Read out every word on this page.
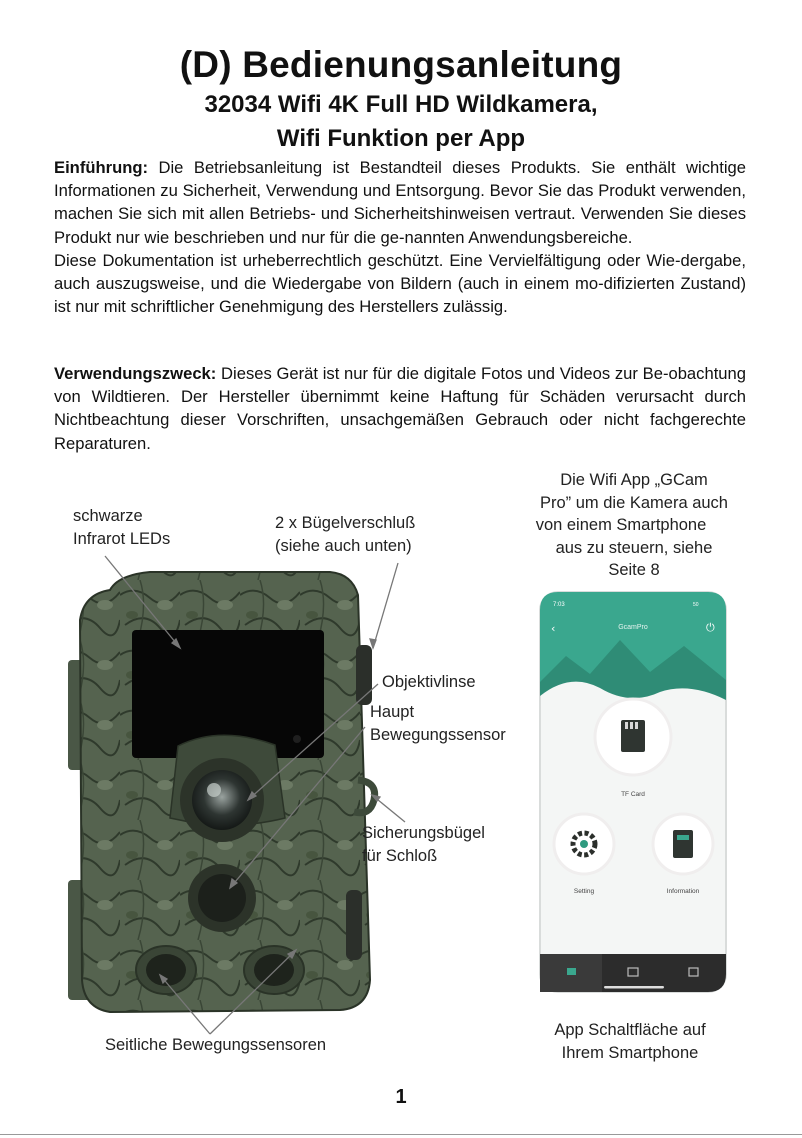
(D) Bedienungsanleitung
32034 Wifi 4K Full HD Wildkamera,
Wifi Funktion per App

Einführung: Die Betriebsanleitung ist Bestandteil dieses Produkts. Sie enthält wichtige Informationen zu Sicherheit, Verwendung und Entsorgung. Bevor Sie das Produkt verwenden, machen Sie sich mit allen Betriebs- und Sicherheitshinweisen vertraut. Verwenden Sie dieses Produkt nur wie beschrieben und nur für die ge-nannten Anwendungsbereiche.

Diese Dokumentation ist urheberrechtlich geschützt. Eine Vervielfältigung oder Wie-dergabe, auch auszugsweise, und die Wiedergabe von Bildern (auch in einem mo-difizierten Zustand) ist nur mit schriftlicher Genehmigung des Herstellers zulässig.

Verwendungszweck: Dieses Gerät ist nur für die digitale Fotos und Videos zur Be-obachtung von Wildtieren. Der Hersteller übernimmt keine Haftung für Schäden verursacht durch Nichtbeachtung dieser Vorschriften, unsachgemäßen Gebrauch oder nicht fachgerechte Reparaturen.

7:03	50
‹	GcamPro	⏻
TF Card
Setting	Information
schwarze
Infrarot LEDs
2 x Bügelverschluß
(siehe auch unten)
Die Wifi App „GCam
Pro” um die Kamera auch
von einem Smartphone
aus zu steuern, siehe
Seite 8
Objektivlinse
Haupt
Bewegungssensor
Sicherungsbügel
für Schloß
Seitliche Bewegungssensoren
App Schaltfläche auf
Ihrem Smartphone
1
